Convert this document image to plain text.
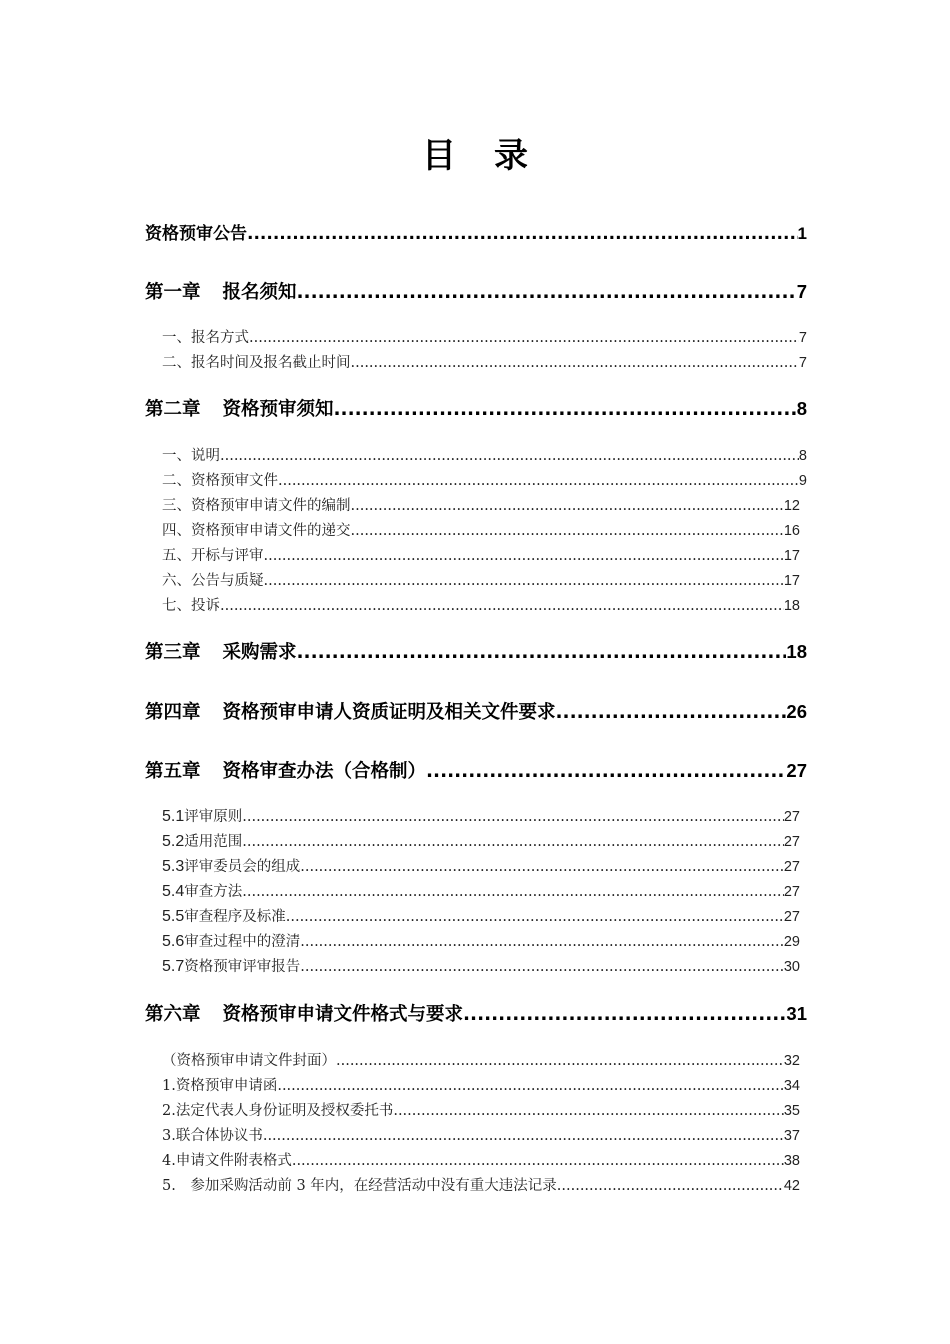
目 录
资格预审公告 .....	1
第一章 报名须知 .....	7
一、报名方式 .....	7
二、报名时间及报名截止时间 .....	7
第二章 资格预审须知 .....	8
一、说明 .....	8
二、资格预审文件 .....	9
三、资格预审申请文件的编制 .....	12
四、资格预审申请文件的递交 .....	16
五、开标与评审 .....	17
六、公告与质疑 .....	17
七、投诉 .....	18
第三章 采购需求 .....	18
第四章 资格预审申请人资质证明及相关文件要求 .....	26
第五章 资格审查办法（合格制） .....	27
5.1评审原则 .....	27
5.2适用范围 .....	27
5.3评审委员会的组成 .....	27
5.4审查方法 .....	27
5.5审查程序及标准 .....	27
5.6审查过程中的澄清 .....	29
5.7资格预审评审报告 .....	30
第六章 资格预审申请文件格式与要求 .....	31
（资格预审申请文件封面） .....	32
1.资格预审申请函 .....	34
2.法定代表人身份证明及授权委托书 .....	35
3.联合体协议书 .....	37
4.申请文件附表格式 .....	38
5.　参加采购活动前 3 年内，在经营活动中没有重大违法记录 .....	42
